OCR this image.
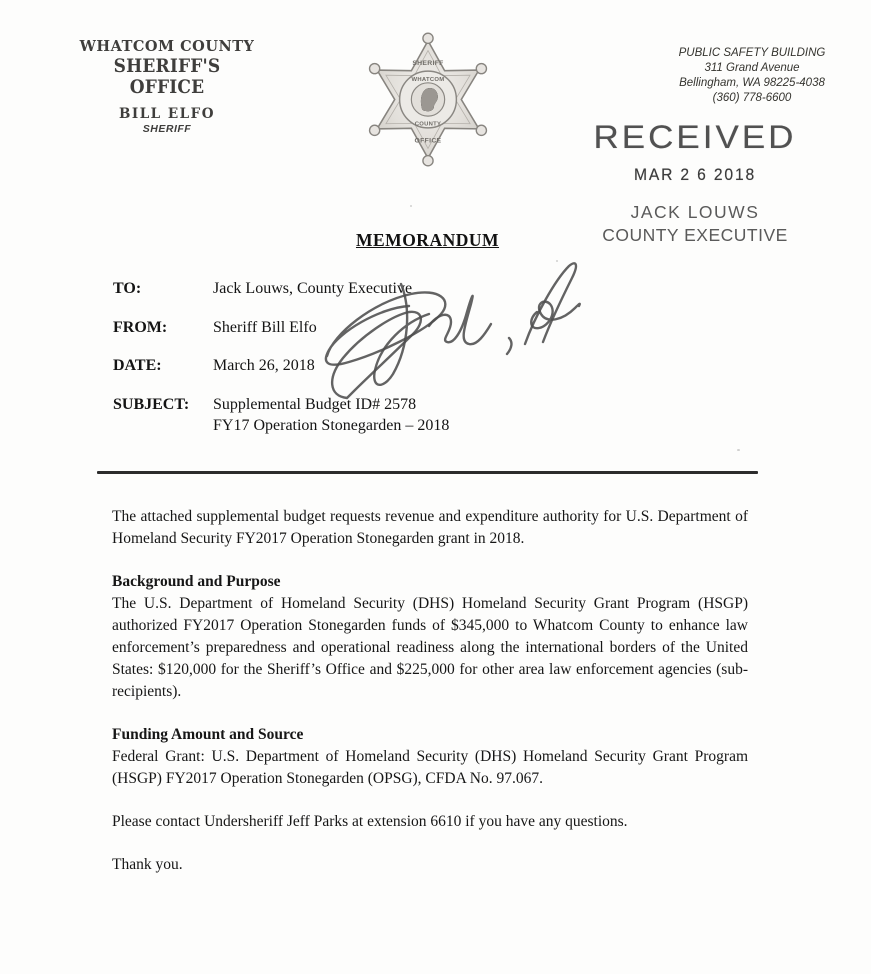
WHATCOM COUNTY
SHERIFF'S OFFICE
BILL ELFO
SHERIFF
SHERIFF
WHATCOM
COUNTY
OFFICE
PUBLIC SAFETY BUILDING
311 Grand Avenue
Bellingham, WA 98225-4038
(360) 778-6600
RECEIVED
MAR 2 6 2018
JACK LOUWS
COUNTY EXECUTIVE
MEMORANDUM
TO:	Jack Louws, County Executive
FROM:	Sheriff Bill Elfo
DATE:	March 26, 2018
SUBJECT:	Supplemental Budget ID# 2578
FY17 Operation Stonegarden – 2018

The attached supplemental budget requests revenue and expenditure authority for U.S. Department of Homeland Security FY2017 Operation Stonegarden grant in 2018.

Background and Purpose

The U.S. Department of Homeland Security (DHS) Homeland Security Grant Program (HSGP) authorized FY2017 Operation Stonegarden funds of $345,000 to Whatcom County to enhance law enforcement’s preparedness and operational readiness along the international borders of the United States: $120,000 for the Sheriff’s Office and $225,000 for other area law enforcement agencies (sub-recipients).

Funding Amount and Source

Federal Grant: U.S. Department of Homeland Security (DHS) Homeland Security Grant Program (HSGP) FY2017 Operation Stonegarden (OPSG), CFDA No. 97.067.

Please contact Undersheriff Jeff Parks at extension 6610 if you have any questions.

Thank you.
